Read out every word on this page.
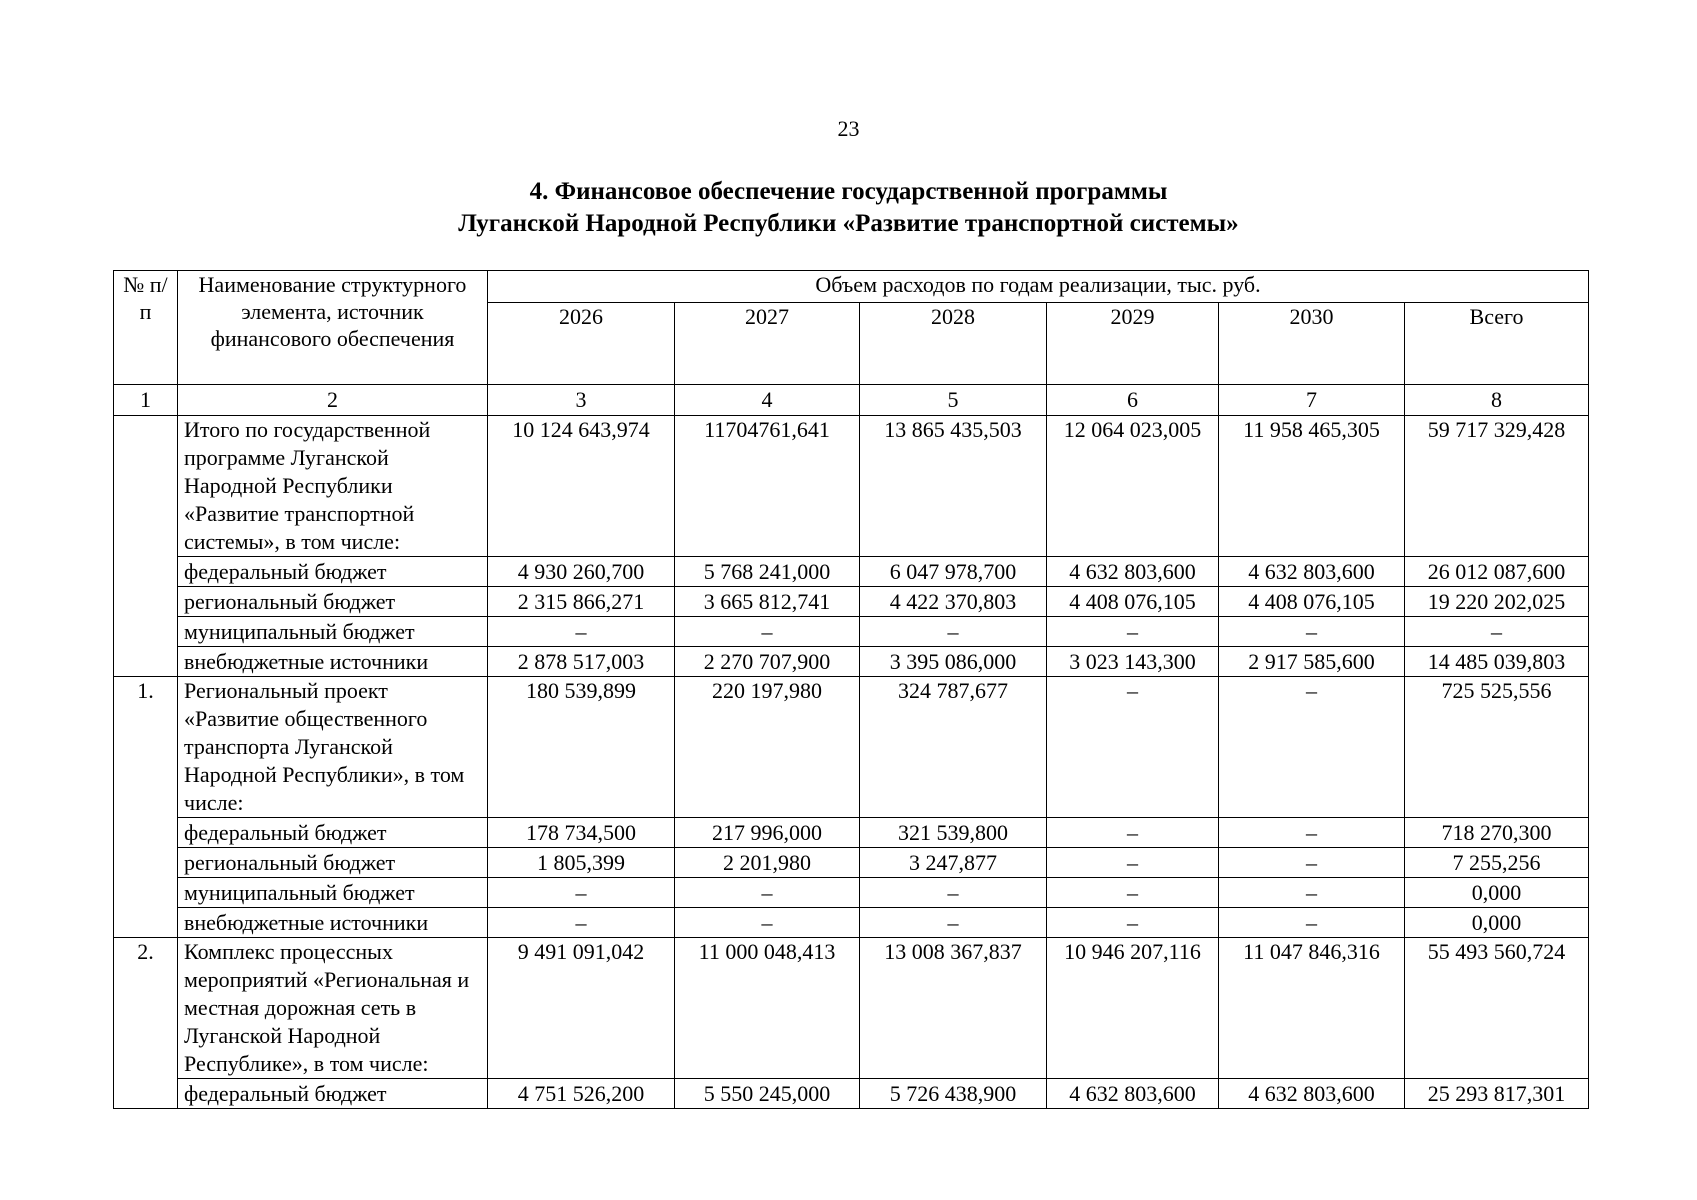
23
4. Финансовое обеспечение государственной программы
Луганской Народной Республики «Развитие транспортной системы»
№ п/п	Наименование структурного элемента, источник финансового обеспечения	Объем расходов по годам реализации, тыс. руб.					
		2026	2027	2028	2029	2030	Всего
1	2	3	4	5	6	7	8
	Итого по государственной программе Луганской Народной Республики «Развитие транспортной системы», в том числе:	10 124 643,974	11704761,641	13 865 435,503	12 064 023,005	11 958 465,305	59 717 329,428
	федеральный бюджет	4 930 260,700	5 768 241,000	6 047 978,700	4 632 803,600	4 632 803,600	26 012 087,600
	региональный бюджет	2 315 866,271	3 665 812,741	4 422 370,803	4 408 076,105	4 408 076,105	19 220 202,025
	муниципальный бюджет	–	–	–	–	–	–
	внебюджетные источники	2 878 517,003	2 270 707,900	3 395 086,000	3 023 143,300	2 917 585,600	14 485 039,803
1.	Региональный проект «Развитие общественного транспорта Луганской Народной Республики», в том числе:	180 539,899	220 197,980	324 787,677	–	–	725 525,556
	федеральный бюджет	178 734,500	217 996,000	321 539,800	–	–	718 270,300
	региональный бюджет	1 805,399	2 201,980	3 247,877	–	–	7 255,256
	муниципальный бюджет	–	–	–	–	–	0,000
	внебюджетные источники	–	–	–	–	–	0,000
2.	Комплекс процессных мероприятий «Региональная и местная дорожная сеть в Луганской Народной Республике», в том числе:	9 491 091,042	11 000 048,413	13 008 367,837	10 946 207,116	11 047 846,316	55 493 560,724
	федеральный бюджет	4 751 526,200	5 550 245,000	5 726 438,900	4 632 803,600	4 632 803,600	25 293 817,301
